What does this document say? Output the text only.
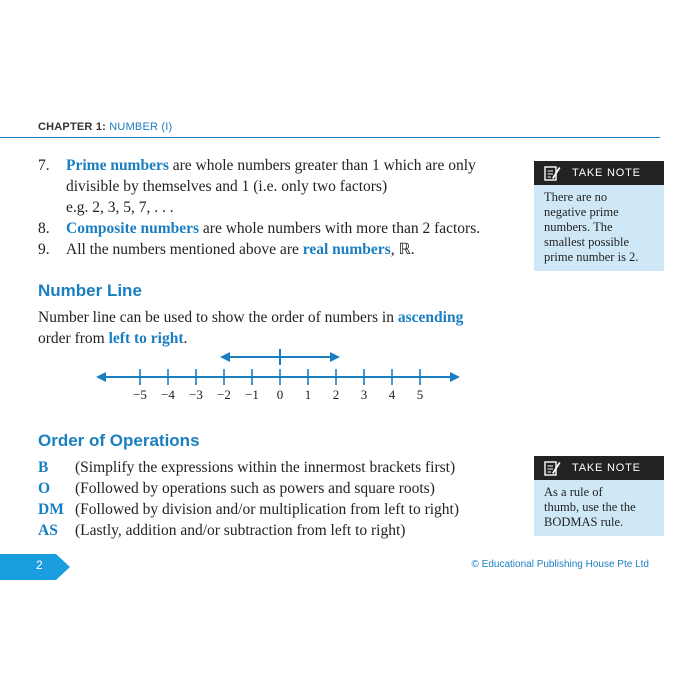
CHAPTER 1: NUMBER (I)
7.	Prime numbers are whole numbers greater than 1 which are only
divisible by themselves and 1 (i.e. only two factors)
e.g. 2, 3, 5, 7, . . .
8.	Composite numbers are whole numbers with more than 2 factors.
9.	All the numbers mentioned above are real numbers, ℝ.
TAKE NOTE
There are no
negative prime
numbers. The
smallest possible
prime number is 2.
Number Line
Number line can be used to show the order of numbers in ascending
order from left to right.
−5 −4 −3 −2 −1 0 1 2 3 4 5
Order of Operations
B	(Simplify the expressions within the innermost brackets first)
O	(Followed by operations such as powers and square roots)
DM (Followed by division and/or multiplication from left to right)
AS	(Lastly, addition and/or subtraction from left to right)
TAKE NOTE
As a rule of
thumb, use the the
BODMAS rule.
2	© Educational Publishing House Pte Ltd
